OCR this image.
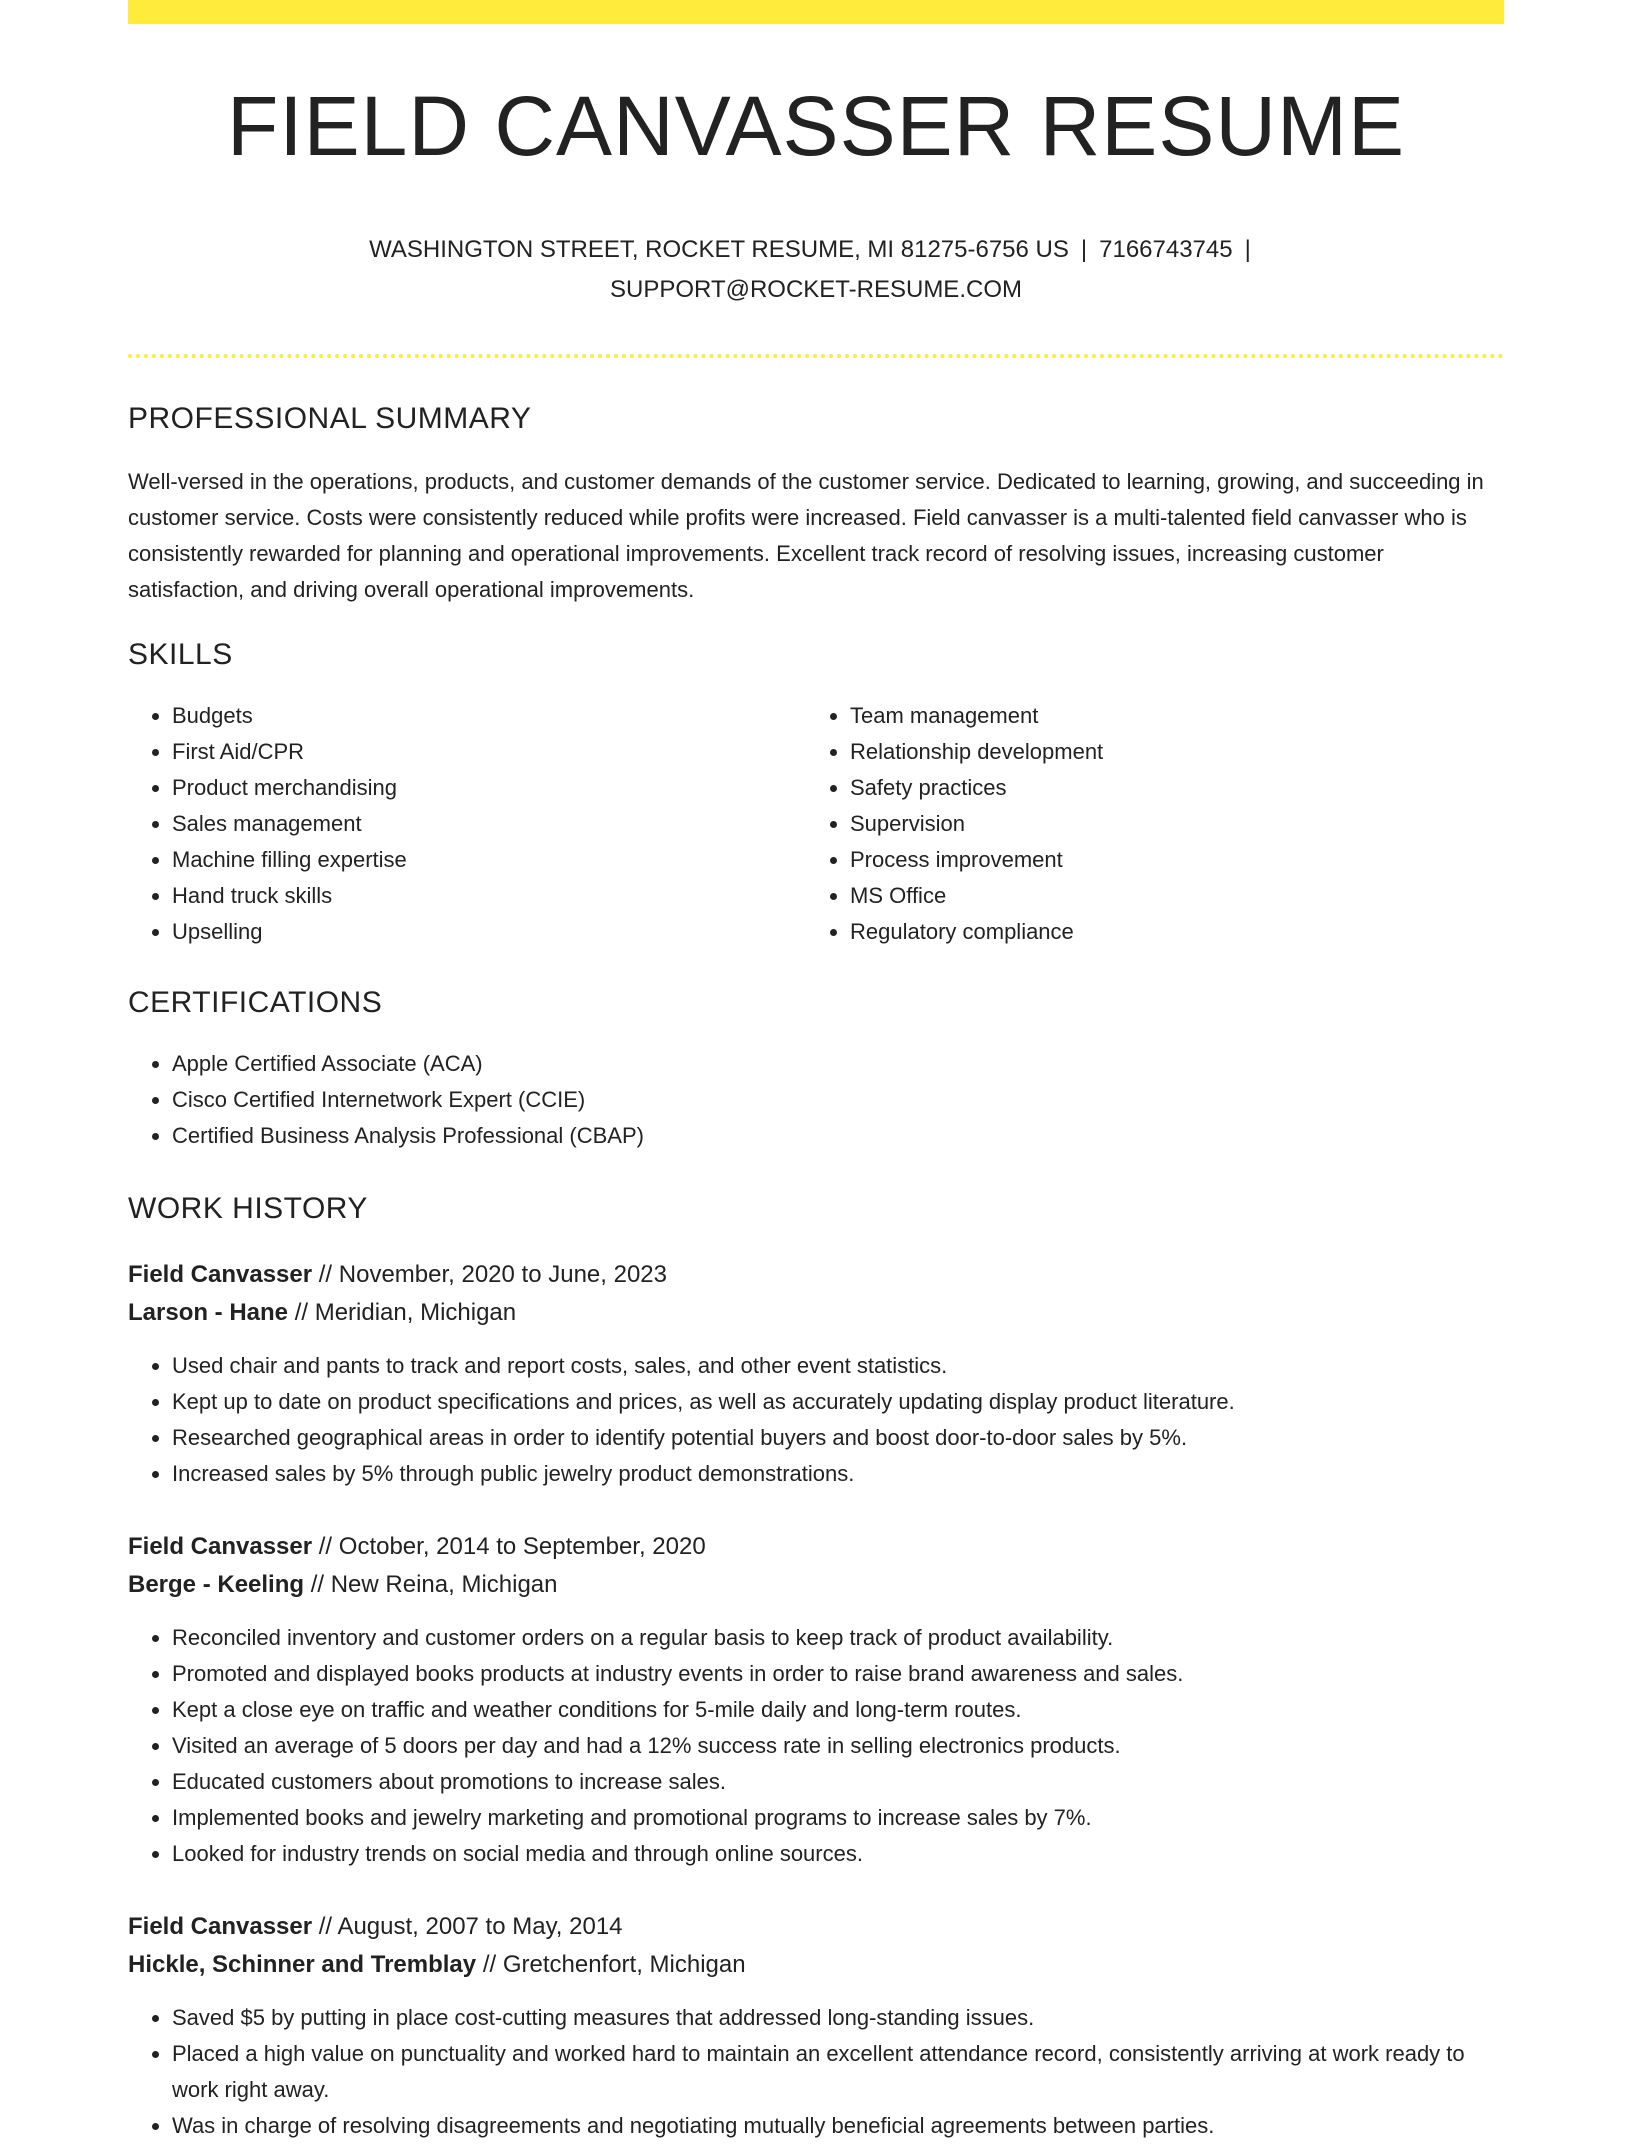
FIELD CANVASSER RESUME
WASHINGTON STREET, ROCKET RESUME, MI 81275-6756 US | 7166743745 |
SUPPORT@ROCKET-RESUME.COM
PROFESSIONAL SUMMARY

Well-versed in the operations, products, and customer demands of the customer service. Dedicated to learning, growing, and succeeding in customer service. Costs were consistently reduced while profits were increased. Field canvasser is a multi-talented field canvasser who is consistently rewarded for planning and operational improvements. Excellent track record of resolving issues, increasing customer satisfaction, and driving overall operational improvements.

SKILLS
• Budgets
• First Aid/CPR
• Product merchandising
• Sales management
• Machine filling expertise
• Hand truck skills
• Upselling
• Team management
• Relationship development
• Safety practices
• Supervision
• Process improvement
• MS Office
• Regulatory compliance
CERTIFICATIONS
• Apple Certified Associate (ACA)
• Cisco Certified Internetwork Expert (CCIE)
• Certified Business Analysis Professional (CBAP)
WORK HISTORY
Field Canvasser // November, 2020 to June, 2023
Larson - Hane // Meridian, Michigan
• Used chair and pants to track and report costs, sales, and other event statistics.
• Kept up to date on product specifications and prices, as well as accurately updating display product literature.
• Researched geographical areas in order to identify potential buyers and boost door-to-door sales by 5%.
• Increased sales by 5% through public jewelry product demonstrations.
Field Canvasser // October, 2014 to September, 2020
Berge - Keeling // New Reina, Michigan
• Reconciled inventory and customer orders on a regular basis to keep track of product availability.
• Promoted and displayed books products at industry events in order to raise brand awareness and sales.
• Kept a close eye on traffic and weather conditions for 5-mile daily and long-term routes.
• Visited an average of 5 doors per day and had a 12% success rate in selling electronics products.
• Educated customers about promotions to increase sales.
• Implemented books and jewelry marketing and promotional programs to increase sales by 7%.
• Looked for industry trends on social media and through online sources.
Field Canvasser // August, 2007 to May, 2014
Hickle, Schinner and Tremblay // Gretchenfort, Michigan
• Saved $5 by putting in place cost-cutting measures that addressed long-standing issues.
• Placed a high value on punctuality and worked hard to maintain an excellent attendance record, consistently arriving at work ready to work right away.
• Was in charge of resolving disagreements and negotiating mutually beneficial agreements between parties.
